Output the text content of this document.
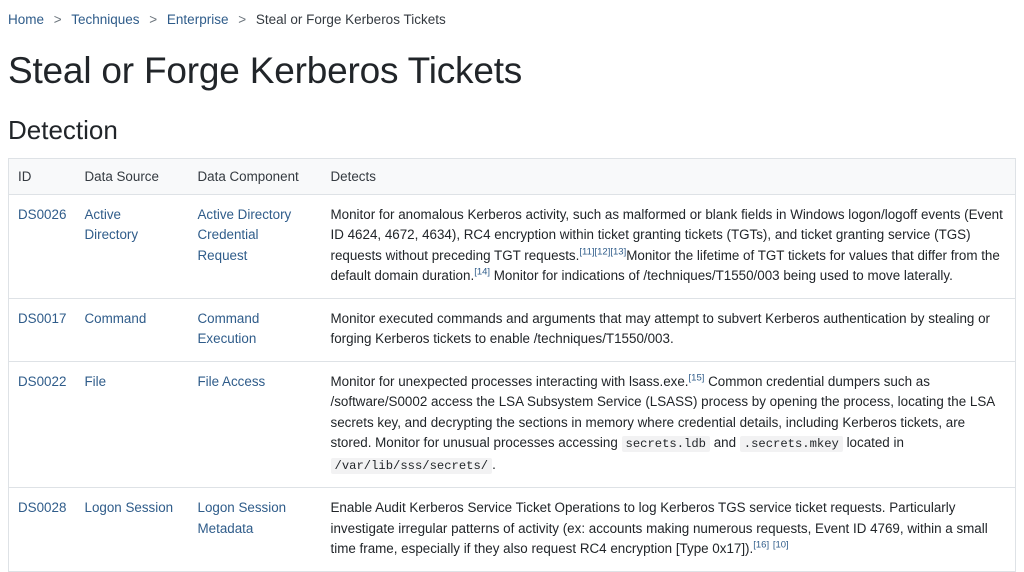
Home > Techniques > Enterprise > Steal or Forge Kerberos Tickets
Steal or Forge Kerberos Tickets
Detection
ID	Data Source	Data Component	Detects
DS0026	Active Directory	Active Directory Credential Request	Monitor for anomalous Kerberos activity, such as malformed or blank fields in Windows logon/logoff events (Event ID 4624, 4672, 4634), RC4 encryption within ticket granting tickets (TGTs), and ticket granting service (TGS) requests without preceding TGT requests.[11][12][13]Monitor the lifetime of TGT tickets for values that differ from the default domain duration.[14] Monitor for indications of /techniques/T1550/003 being used to move laterally.
DS0017	Command	Command Execution	Monitor executed commands and arguments that may attempt to subvert Kerberos authentication by stealing or forging Kerberos tickets to enable /techniques/T1550/003.
DS0022	File	File Access	Monitor for unexpected processes interacting with lsass.exe.[15] Common credential dumpers such as /software/S0002 access the LSA Subsystem Service (LSASS) process by opening the process, locating the LSA secrets key, and decrypting the sections in memory where credential details, including Kerberos tickets, are stored. Monitor for unusual processes accessing secrets.ldb and .secrets.mkey located in /var/lib/sss/secrets/ .
DS0028	Logon Session	Logon Session Metadata	Enable Audit Kerberos Service Ticket Operations to log Kerberos TGS service ticket requests. Particularly investigate irregular patterns of activity (ex: accounts making numerous requests, Event ID 4769, within a small time frame, especially if they also request RC4 encryption [Type 0x17]).[16] [10]
